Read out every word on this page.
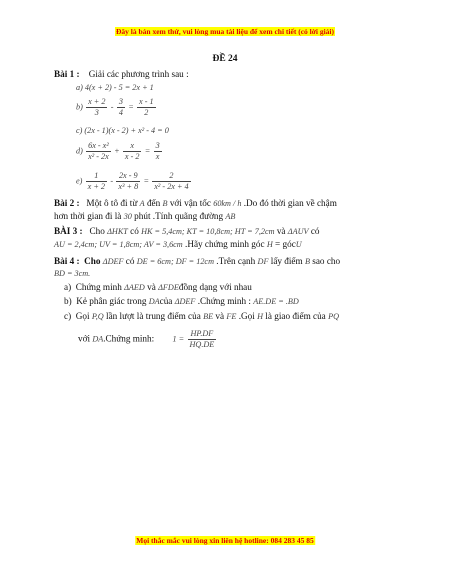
Đây là bản xem thử, vui lòng mua tài liệu để xem chi tiết (có lời giải)
ĐỀ 24
Bài 1 : Giải các phương trình sau :
a) 4(x + 2) - 5 = 2x + 1
$b) \frac{x + 2}{3} - \frac{3}{4} = \frac{x - 1}{2}$
c) (2x - 1)(x - 2) + x² - 4 = 0
$d) \frac{\text{6x - x²}}{\text{x² - 2x}} + \frac{x}{x - 2} = \frac{3}{x}$
$e) \frac{1}{x + 2} - \frac{2x - 9}{\text{x³ + 8}} = \frac{2}{\text{x² - 2x + 4}}$
Bài 2 : Một ô tô đi từ A đến B với vận tốc 60km / h .Do đó thời gian về chậm
hơn thời gian đi là 30 phút .Tính quãng đường AB
BÀI 3 : Cho ΔHKT có HK = 5,4cm; KT = 10,8cm; HT = 7,2cm và ΔAUV có
AU = 2,4cm; UV = 1,8cm; AV = 3,6cm .Hãy chứng minh góc H = gócU
Bài 4 : Cho ΔDEF có DE = 6cm; DF = 12cm .Trên cạnh DF lấy điểm B sao cho
BD = 3cm.
a) Chứng minh ΔAED và ΔFDEđồng dạng với nhau
b) Kẻ phân giác trong DAcủa ΔDEF .Chứng minh : AE.DE = .BD
c) Gọi P,Q lần lượt là trung điểm của BE và FE .Gọi H là giao điểm của PQ
với DA.Chứng minh: $1 = \frac{HP.DF}{HQ.DE}$
Mọi thắc mắc vui lòng xin liên hệ hotline: 084 283 45 85
